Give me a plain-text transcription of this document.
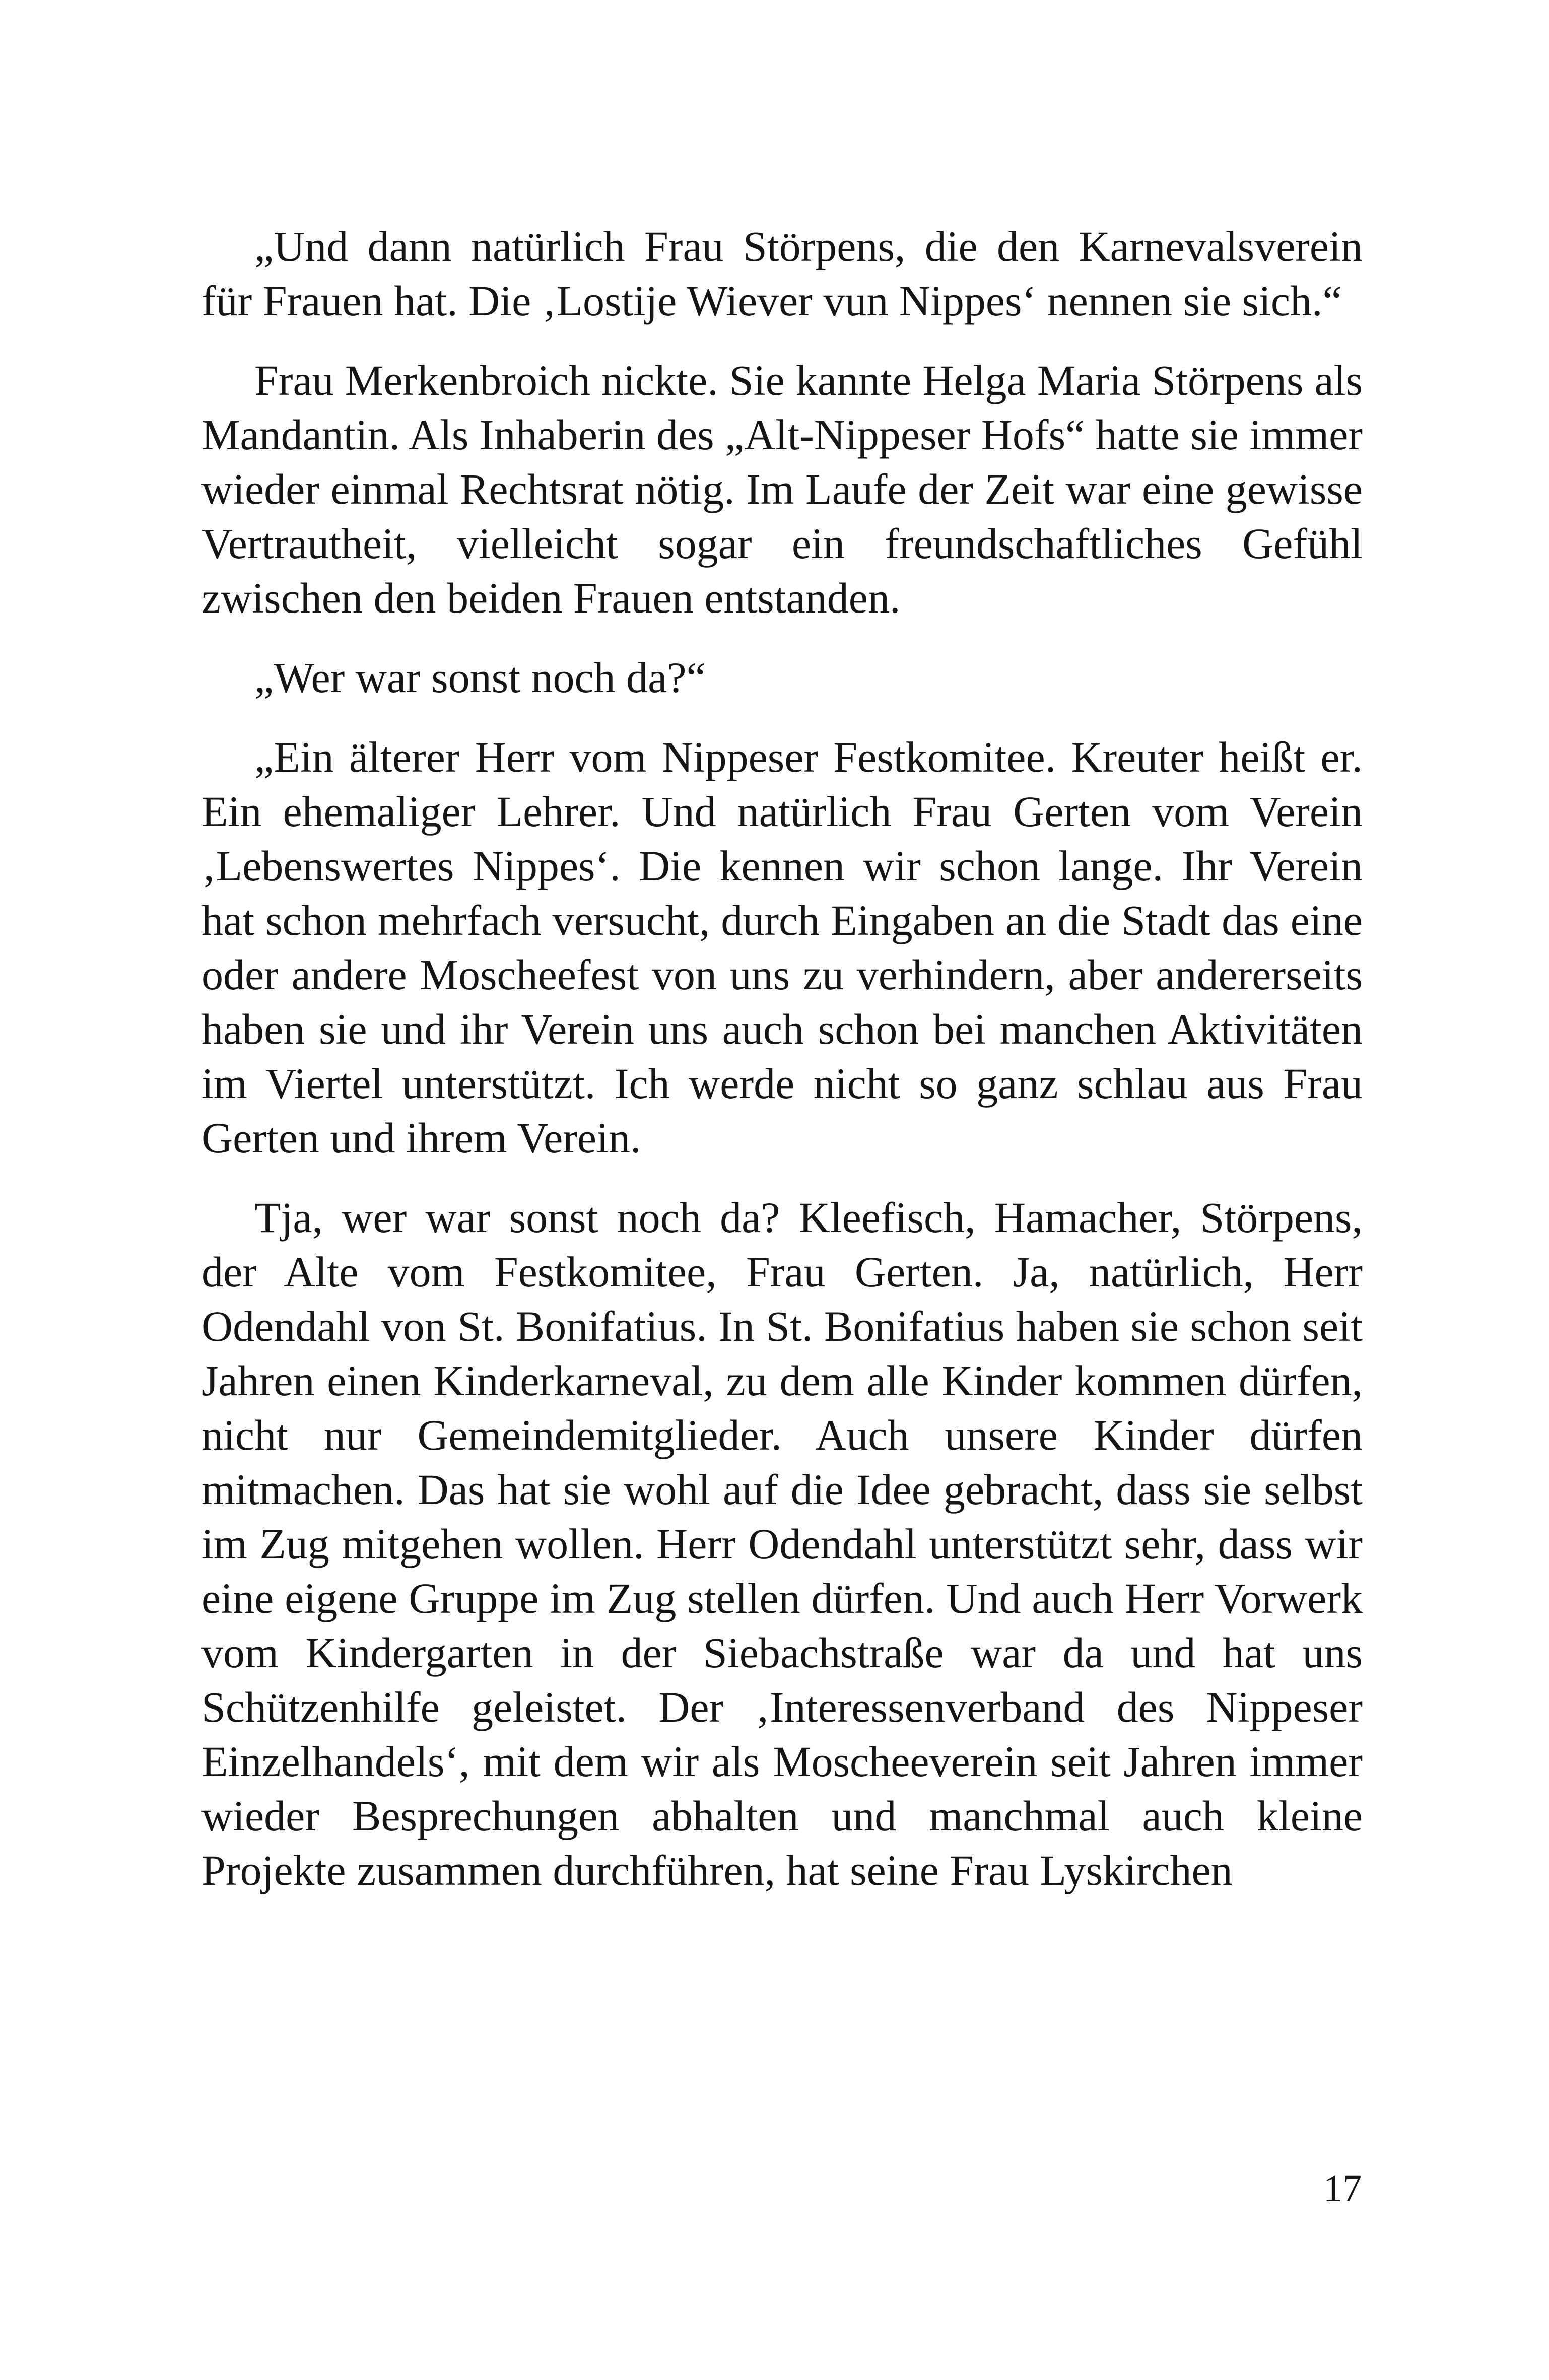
„Und dann natürlich Frau Störpens, die den Karnevalsverein für Frauen hat. Die ‚Lostije Wiever vun Nippes‘ nennen sie sich.“

Frau Merkenbroich nickte. Sie kannte Helga Maria Störpens als Mandantin. Als Inhaberin des „Alt-Nippeser Hofs“ hatte sie immer wieder einmal Rechtsrat nötig. Im Laufe der Zeit war eine gewisse Vertrautheit, vielleicht sogar ein freundschaftliches Gefühl zwischen den beiden Frauen entstanden.

„Wer war sonst noch da?“

„Ein älterer Herr vom Nippeser Festkomitee. Kreuter heißt er. Ein ehemaliger Lehrer. Und natürlich Frau Gerten vom Verein ‚Lebenswertes Nippes‘. Die kennen wir schon lange. Ihr Verein hat schon mehrfach versucht, durch Eingaben an die Stadt das eine oder andere Moscheefest von uns zu verhindern, aber andererseits haben sie und ihr Verein uns auch schon bei manchen Aktivitäten im Viertel unterstützt. Ich werde nicht so ganz schlau aus Frau Gerten und ihrem Verein.

Tja, wer war sonst noch da? Kleefisch, Hamacher, Störpens, der Alte vom Festkomitee, Frau Gerten. Ja, natürlich, Herr Odendahl von St. Bonifatius. In St. Bonifatius haben sie schon seit Jahren einen Kinderkarneval, zu dem alle Kinder kommen dürfen, nicht nur Gemeindemitglieder. Auch unsere Kinder dürfen mitmachen. Das hat sie wohl auf die Idee gebracht, dass sie selbst im Zug mitgehen wollen. Herr Odendahl unterstützt sehr, dass wir eine eigene Gruppe im Zug stellen dürfen. Und auch Herr Vorwerk vom Kindergarten in der Siebachstraße war da und hat uns Schützenhilfe geleistet. Der ‚Interessenverband des Nippeser Einzelhandels‘, mit dem wir als Moscheeverein seit Jahren immer wieder Besprechungen abhalten und manchmal auch kleine Projekte zusammen durchführen, hat seine Frau Lyskirchen

17
